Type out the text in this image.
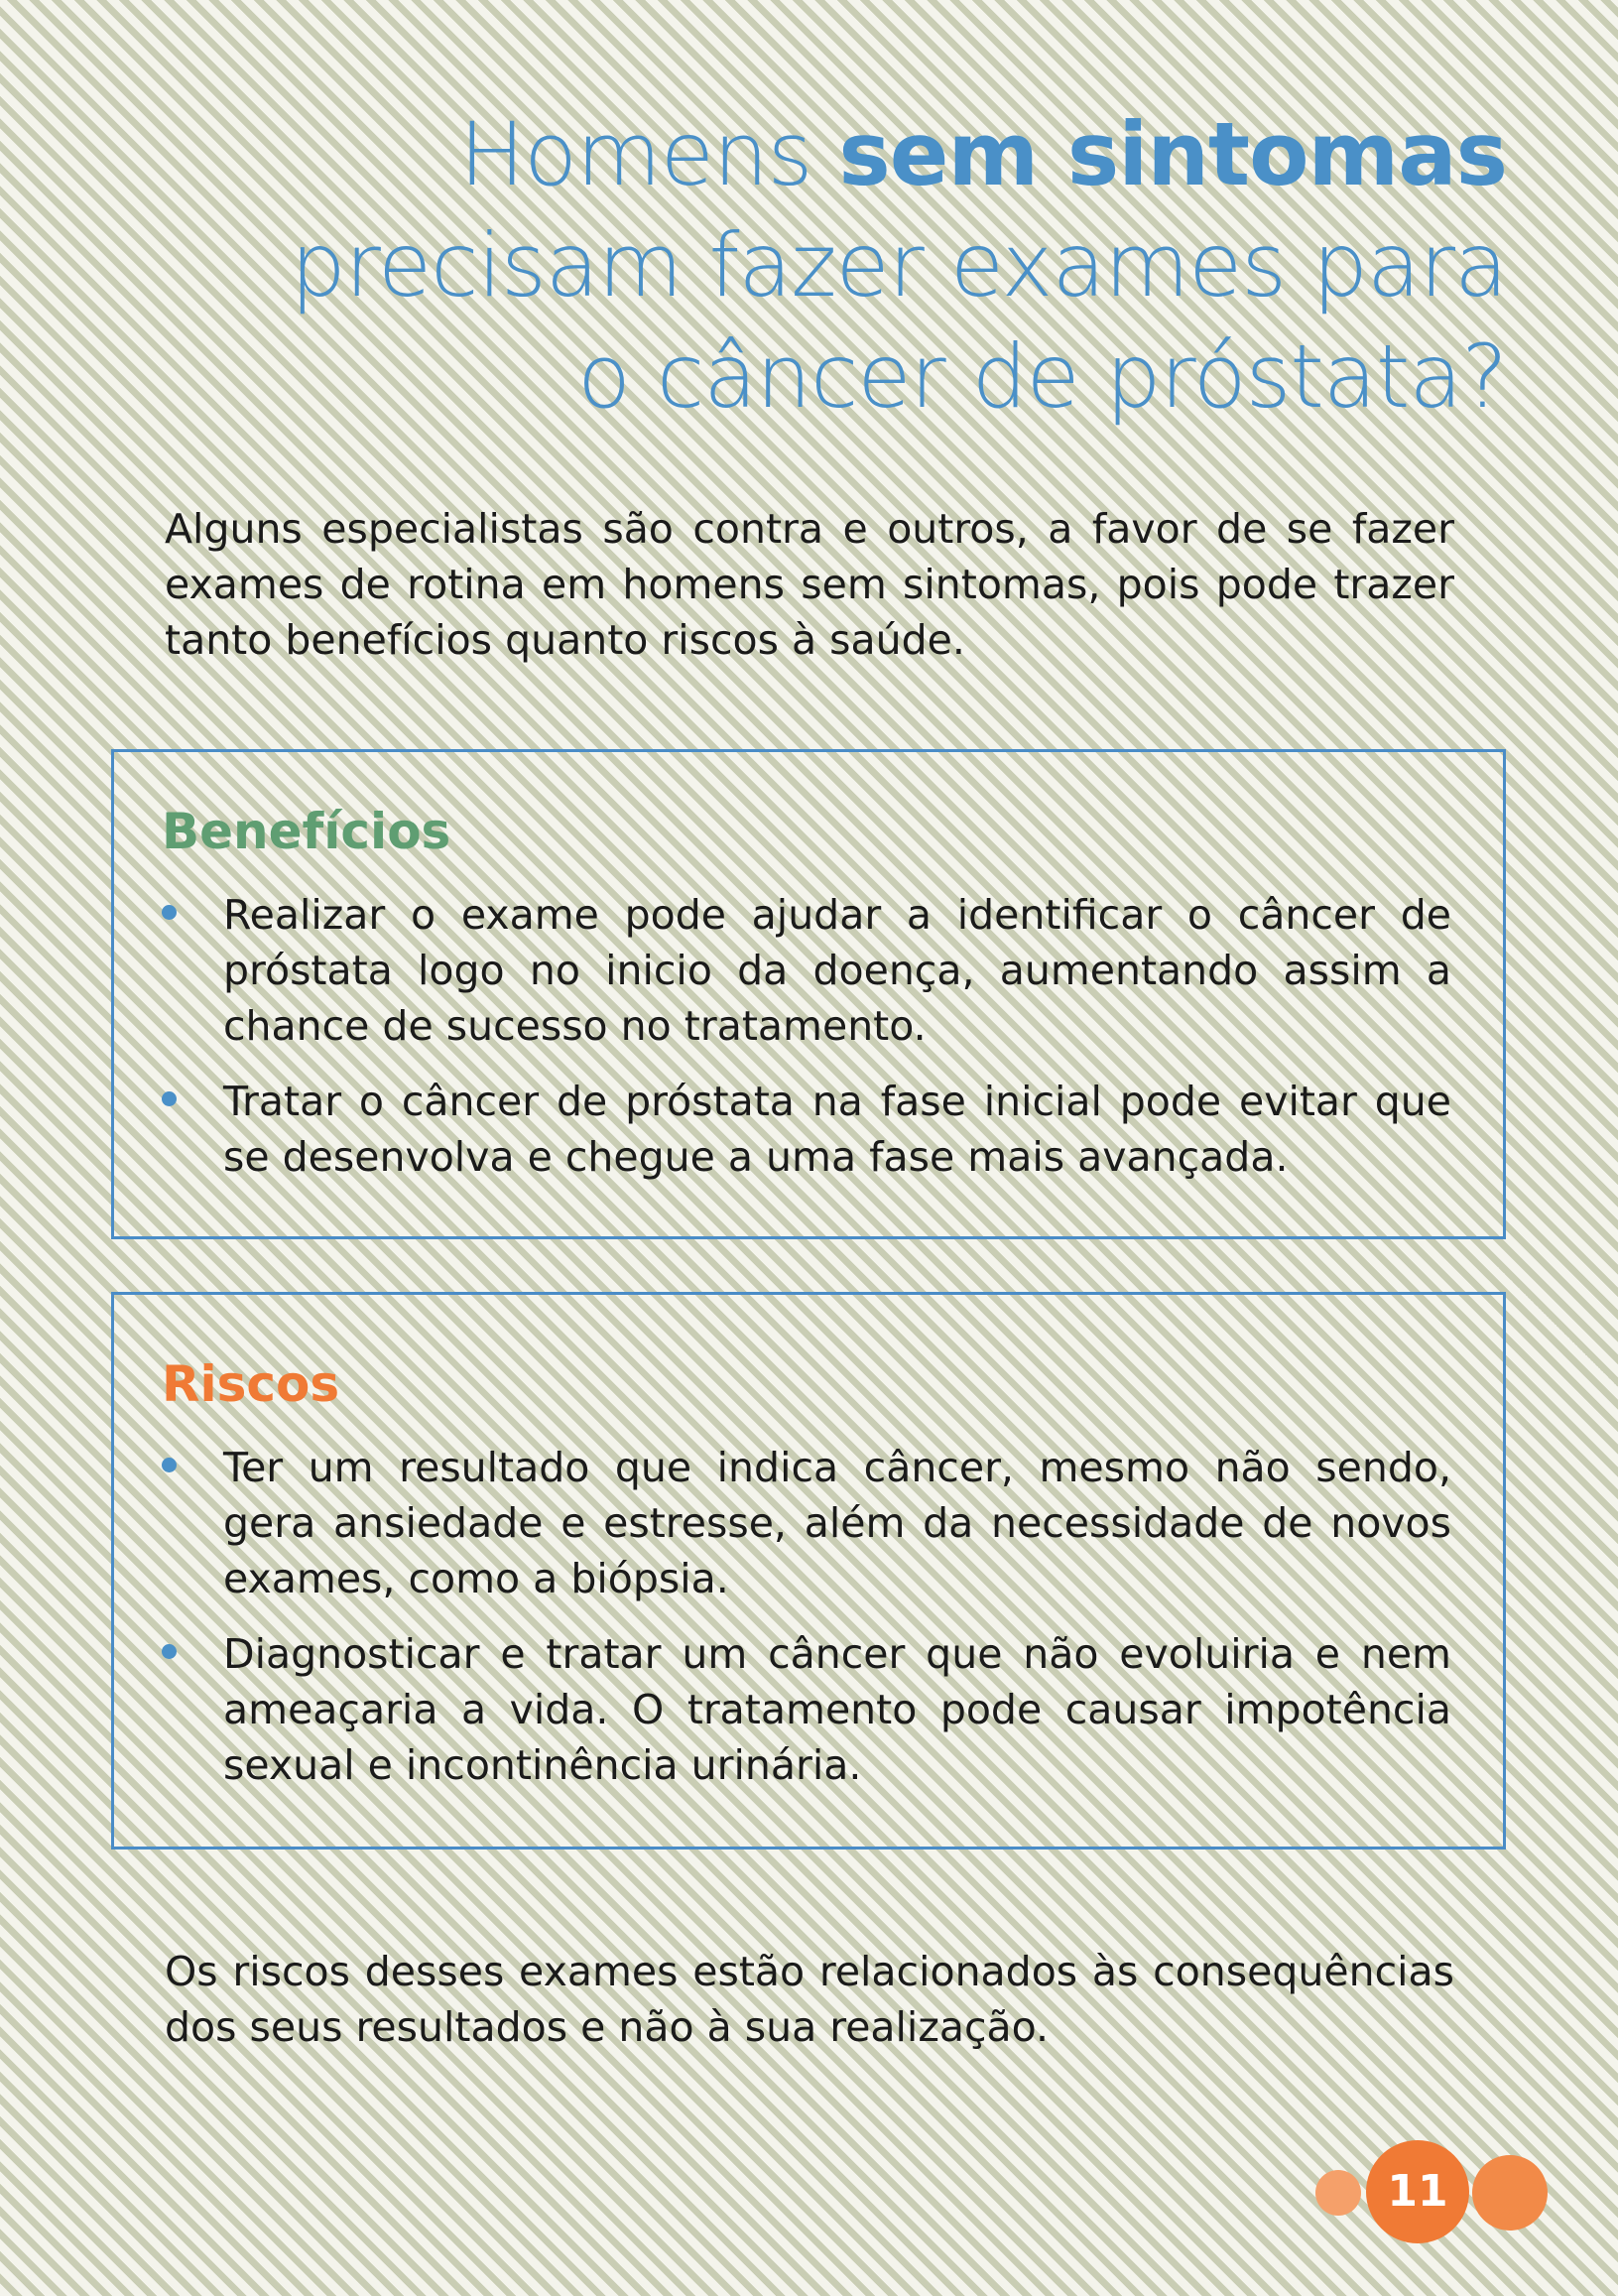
Homens sem sintomas
precisam fazer exames para
o câncer de próstata?

Alguns especialistas são contra e outros, a favor de se fazer exames de rotina em homens sem sintomas, pois pode trazer tanto benefícios quanto riscos à saúde.

Benefícios
Realizar o exame pode ajudar a identificar o câncer de próstata logo no inicio da doença, aumentando assim a chance de sucesso no tratamento.
Tratar o câncer de próstata na fase inicial pode evitar que se desenvolva e chegue a uma fase mais avançada.
Riscos
Ter um resultado que indica câncer, mesmo não sendo, gera ansiedade e estresse, além da necessidade de novos exames, como a biópsia.
Diagnosticar e tratar um câncer que não evoluiria e nem ameaçaria a vida. O tratamento pode causar impotência sexual e incontinência urinária.

Os riscos desses exames estão relacionados às consequências dos seus resultados e não à sua realização.

11
